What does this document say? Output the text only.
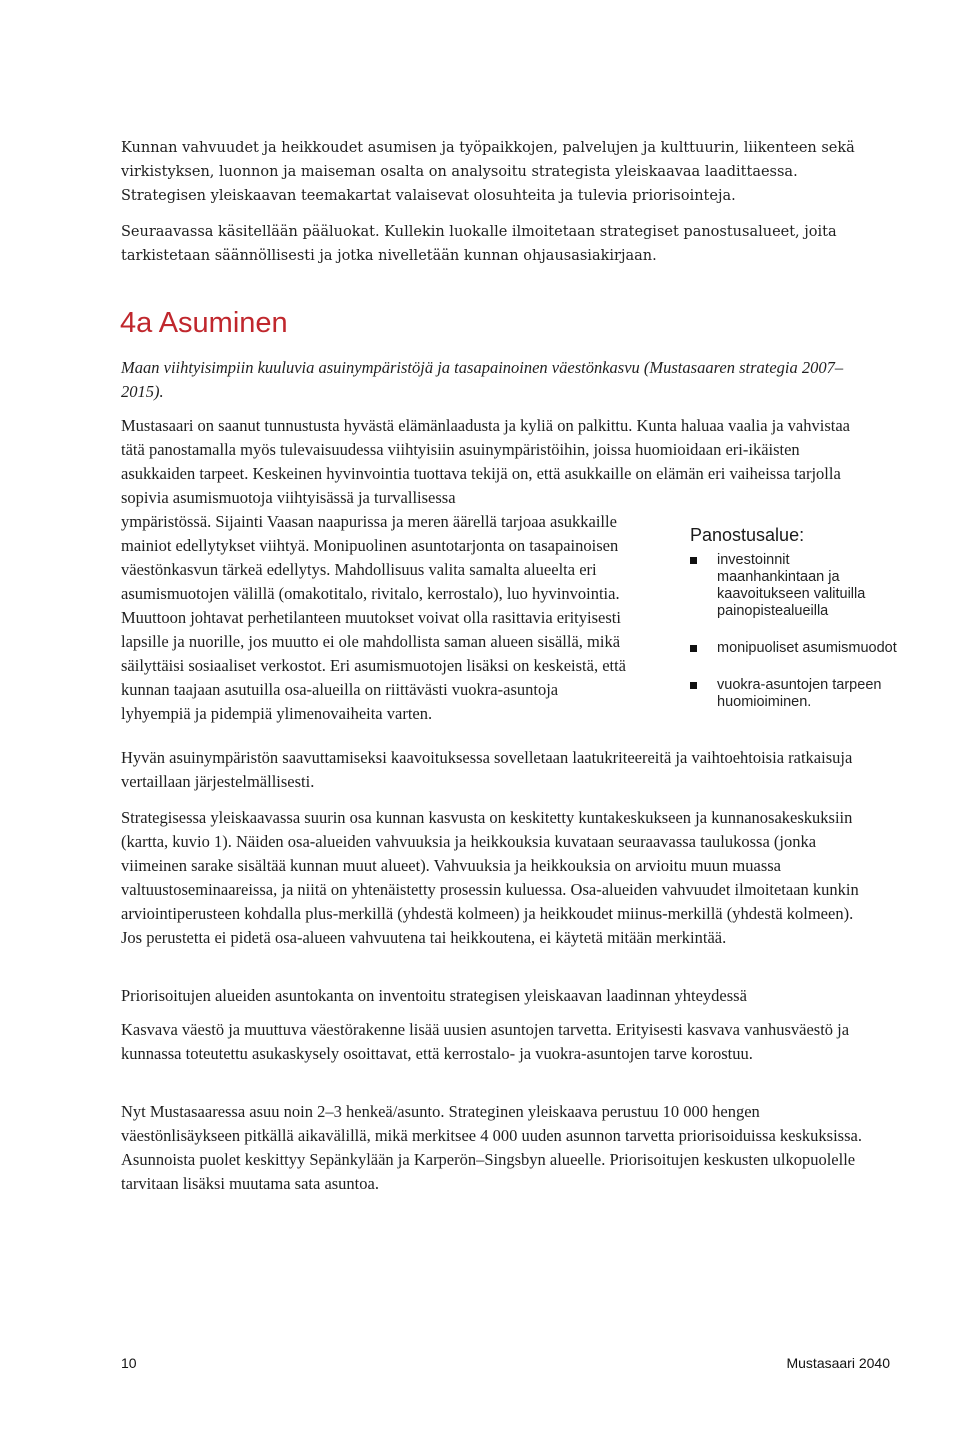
Kunnan vahvuudet ja heikkoudet asumisen ja työpaikkojen, palvelujen ja kulttuurin, liikenteen sekä virkistyksen, luonnon ja maiseman osalta on analysoitu strategista yleiskaavaa laadittaessa. Strategisen yleiskaavan teemakartat valaisevat olosuhteita ja tulevia priorisointeja.

Seuraavassa käsitellään pääluokat. Kullekin luokalle ilmoitetaan strategiset panostusalueet, joita tarkistetaan säännöllisesti ja jotka nivelletään kunnan ohjausasiakirjaan.

4a Asuminen

Maan viihtyisimpiin kuuluvia asuinympäristöjä ja tasapainoinen väestönkasvu (Mustasaaren strategia 2007–2015).

Mustasaari on saanut tunnustusta hyvästä elämänlaadusta ja kyliä on palkittu. Kunta haluaa vaalia ja vahvistaa tätä panostamalla myös tulevaisuudessa viihtyisiin asuinympäristöihin, joissa huomioidaan eri-ikäisten asukkaiden tarpeet. Keskeinen hyvinvointia tuottava tekijä on, että asukkaille on elämän eri vaiheissa tarjolla sopivia asumismuotoja viihtyisässä ja turvallisessa

ympäristössä. Sijainti Vaasan naapurissa ja meren äärellä tarjoaa asukkaille mainiot edellytykset viihtyä. Monipuolinen asuntotarjonta on tasapainoisen väestönkasvun tärkeä edellytys. Mahdollisuus valita samalta alueelta eri asumismuotojen välillä (omakotitalo, rivitalo, kerrostalo), luo hyvinvointia. Muuttoon johtavat perhetilanteen muutokset voivat olla rasittavia erityisesti lapsille ja nuorille, jos muutto ei ole mahdollista saman alueen sisällä, mikä säilyttäisi sosiaaliset verkostot. Eri asumismuotojen lisäksi on keskeistä, että kunnan taajaan asutuilla osa-alueilla on riittävästi vuokra-asuntoja lyhyempiä ja pidempiä ylimenovaiheita varten.

Panostusalue:

investoinnit maanhankintaan ja kaavoitukseen valituilla painopistealueilla
monipuoliset asumismuodot
vuokra-asuntojen tarpeen huomioiminen.

Hyvän asuinympäristön saavuttamiseksi kaavoituksessa sovelletaan laatukriteereitä ja vaihtoehtoisia ratkaisuja vertaillaan järjestelmällisesti.

Strategisessa yleiskaavassa suurin osa kunnan kasvusta on keskitetty kuntakeskukseen ja kunnanosakeskuksiin (kartta, kuvio 1). Näiden osa-alueiden vahvuuksia ja heikkouksia kuvataan seuraavassa taulukossa (jonka viimeinen sarake sisältää kunnan muut alueet). Vahvuuksia ja heikkouksia on arvioitu muun muassa valtuustoseminaareissa, ja niitä on yhtenäistetty prosessin kuluessa. Osa-alueiden vahvuudet ilmoitetaan kunkin arviointiperusteen kohdalla plus-merkillä (yhdestä kolmeen) ja heikkoudet miinus-merkillä (yhdestä kolmeen). Jos perustetta ei pidetä osa-alueen vahvuutena tai heikkoutena, ei käytetä mitään merkintää.

Priorisoitujen alueiden asuntokanta on inventoitu strategisen yleiskaavan laadinnan yhteydessä

Kasvava väestö ja muuttuva väestörakenne lisää uusien asuntojen tarvetta. Erityisesti kasvava vanhusväestö ja kunnassa toteutettu asukaskysely osoittavat, että kerrostalo- ja vuokra-asuntojen tarve korostuu.

Nyt Mustasaaressa asuu noin 2–3 henkeä/asunto. Strateginen yleiskaava perustuu 10 000 hengen väestönlisäykseen pitkällä aikavälillä, mikä merkitsee 4 000 uuden asunnon tarvetta priorisoiduissa keskuksissa. Asunnoista puolet keskittyy Sepänkylään ja Karperön–Singsbyn alueelle. Priorisoitujen keskusten ulkopuolelle tarvitaan lisäksi muutama sata asuntoa.

10	Mustasaari 2040
